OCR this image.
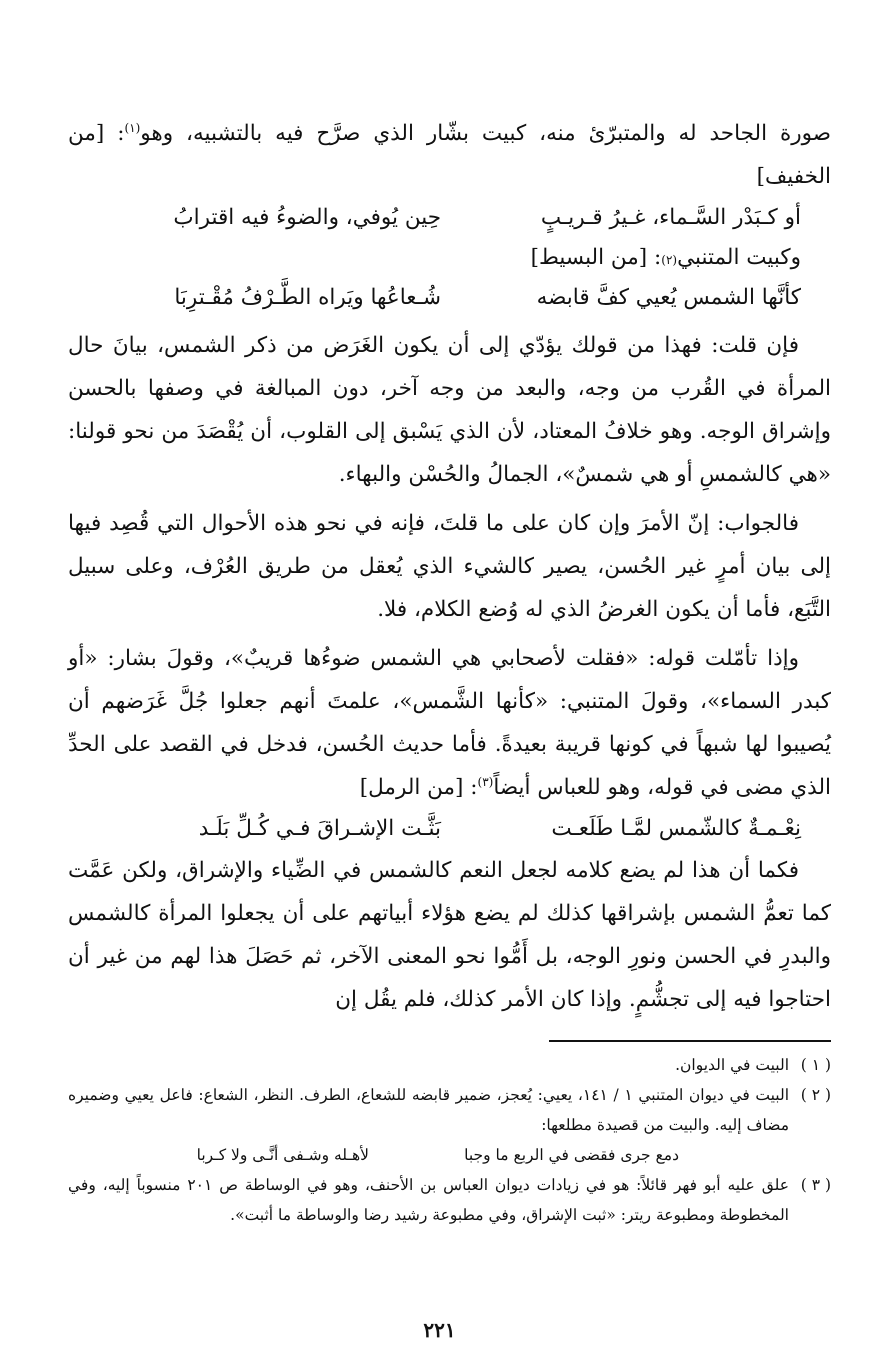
صورة الجاحد له والمتبرّئ منه، كبيت بشّار الذي صرَّح فيه بالتشبيه، وهو$^{(١)}$: [من الخفيف]

أو كـبَدْر السَّـماء، غـيرُ قـريـبٍ
حِين يُوفي، والضوءُ فيه اقترابُ
وكبيت المتنبي
(٢)
: [من البسيط]
كأنَّها الشمس يُعيي كفَّ قابضه
شُـعاعُها ويَراه الطَّـرْفُ مُقْـترِبَا

فإن قلت: فهذا من قولك يؤدّي إلى أن يكون الغَرَض من ذكر الشمس، بيانَ حال المرأة في القُرب من وجه، والبعد من وجه آخر، دون المبالغة في وصفها بالحسن وإشراق الوجه. وهو خلافُ المعتاد، لأن الذي يَسْبق إلى القلوب، أن يُقْصَدَ من نحو قولنا: «هي كالشمسِ أو هي شمسٌ»، الجمالُ والحُسْن والبهاء.

فالجواب: إنّ الأمرَ وإن كان على ما قلتَ، فإنه في نحو هذه الأحوال التي قُصِد فيها إلى بيان أمرٍ غير الحُسن، يصير كالشيء الذي يُعقل من طريق العُرْف، وعلى سبيل التَّبَع، فأما أن يكون الغرضُ الذي له وُضع الكلام، فلا.

وإذا تأمّلت قوله: «فقلت لأصحابي هي الشمس ضوءُها قريبٌ»، وقولَ بشار: «أو كبدر السماء»، وقولَ المتنبي: «كأنها الشَّمس»، علمتَ أنهم جعلوا جُلَّ غَرَضهم أن يُصيبوا لها شبهاً في كونها قريبة بعيدةً. فأما حديث الحُسن، فدخل في القصد على الحدِّ الذي مضى في قوله، وهو للعباس أيضاً$^{(٣)}$: [من الرمل]

نِعْـمـةٌ كالشّمس لمَّـا طَلَعـت
بَثَّـت الإشـراقَ فـي كُـلِّ بَلَـد

فكما أن هذا لم يضع كلامه لجعل النعم كالشمس في الضِّياء والإشراق، ولكن عَمَّت كما تعمُّ الشمس بإشراقها كذلك لم يضع هؤلاء أبياتهم على أن يجعلوا المرأة كالشمس والبدرِ في الحسن ونورِ الوجه، بل أَمُّوا نحو المعنى الآخر، ثم حَصَلَ هذا لهم من غير أن احتاجوا فيه إلى تجشُّمٍ. وإذا كان الأمر كذلك، فلم يقُل إن

( ١ )
البيت في الديوان.
( ٢ )
البيت في ديوان المتنبي ١ / ١٤١، يعيي: يُعجز، ضمير قابضه للشعاع، الطرف. النظر، الشعاع: فاعل يعيي وضميره مضاف إليه. والبيت من قصيدة مطلعها:
دمع جرى فقضى في الربع ما وجبا
لأهـله وشـفى أنَّـى ولا كـربا
( ٣ )
علق عليه أبو فهر قائلاً: هو في زيادات ديوان العباس بن الأحنف، وهو في الوساطة ص ٢٠١ منسوباً إليه، وفي المخطوطة ومطبوعة ريتر: «ثبت الإشراق، وفي مطبوعة رشيد رضا والوساطة ما أثبت».
٢٢١
